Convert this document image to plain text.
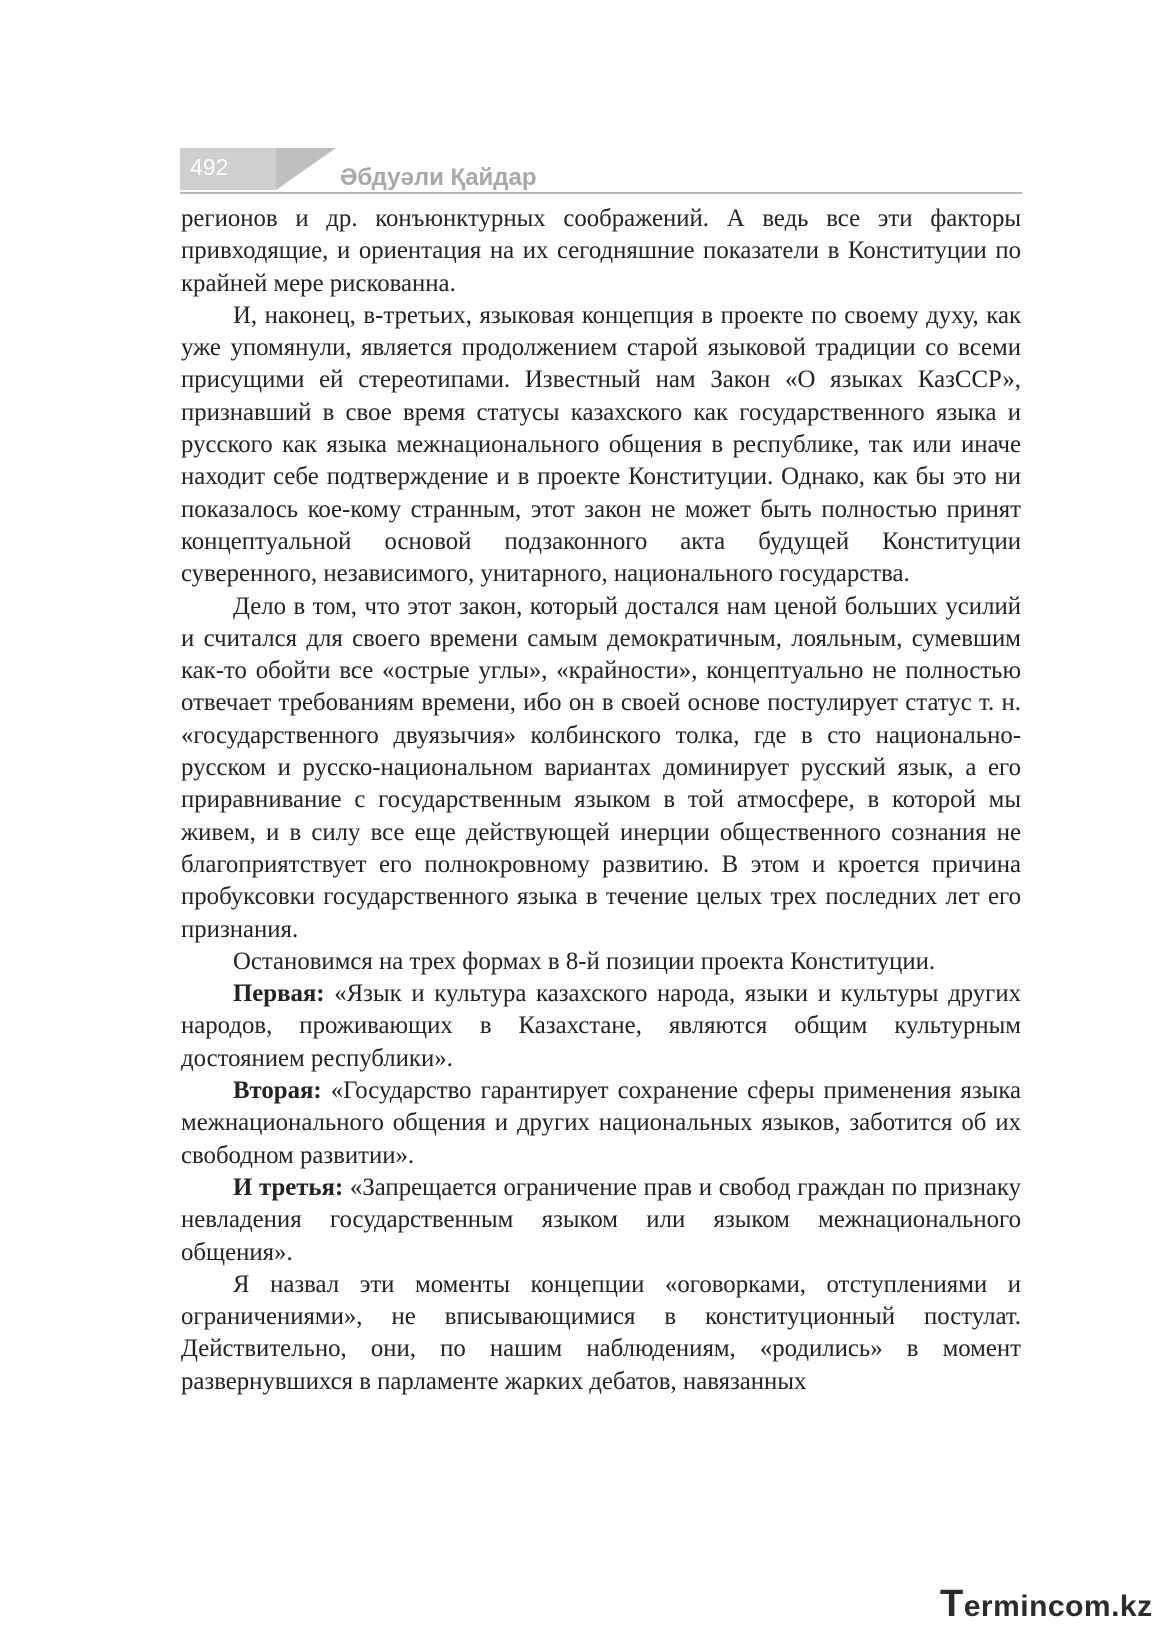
492	Әбдуәли Қайдар

регионов и др. конъюнктурных соображений. А ведь все эти факторы привходящие, и ориентация на их сегодняшние показатели в Конституции по крайней мере рискованна.

И, наконец, в-третьих, языковая концепция в проекте по своему духу, как уже упомянули, является продолжением старой языковой традиции со всеми присущими ей стереотипами. Известный нам Закон «О языках КазССР», признавший в свое время статусы казахского как государственного языка и русского как языка межнационального общения в республике, так или иначе находит себе подтверждение и в проекте Конституции. Однако, как бы это ни показалось кое-кому странным, этот закон не может быть полностью принят концептуальной основой подзаконного акта будущей Конституции суверенного, независимого, унитарного, национального государства.

Дело в том, что этот закон, который достался нам ценой больших усилий и считался для своего времени самым демократичным, лояльным, сумевшим как-то обойти все «острые углы», «крайности», концептуально не полностью отвечает требованиям времени, ибо он в своей основе постулирует статус т. н. «государственного двуязычия» колбинского толка, где в сто национально-русском и русско-национальном вариантах доминирует русский язык, а его приравнивание с государственным языком в той атмосфере, в которой мы живем, и в силу все еще действующей инерции общественного сознания не благоприятствует его полнокровному развитию. В этом и кроется причина пробуксовки государственного языка в течение целых трех последних лет его признания.

Остановимся на трех формах в 8-й позиции проекта Конституции.

Первая: «Язык и культура казахского народа, языки и культуры других народов, проживающих в Казахстане, являются общим культурным достоянием республики».

Вторая: «Государство гарантирует сохранение сферы применения языка межнационального общения и других национальных языков, заботится об их свободном развитии».

И третья: «Запрещается ограничение прав и свобод граждан по признаку невладения государственным языком или языком межнационального общения».

Я назвал эти моменты концепции «оговорками, отступлениями и ограничениями», не вписывающимися в конституционный постулат. Действительно, они, по нашим наблюдениям, «родились» в момент развернувшихся в парламенте жарких дебатов, навязанных

Termincom.kz
